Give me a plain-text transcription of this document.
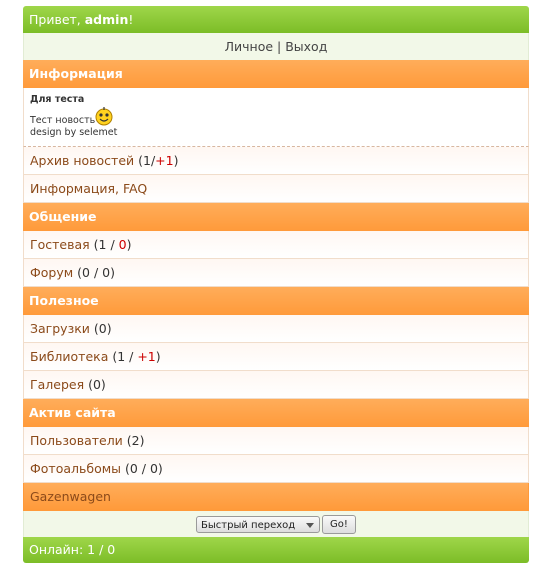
Привет, admin!
Личное | Выход
Информация
Для теста
Тест новость
design by selemet
Архив новостей (1/+1)
Информация, FAQ
Общение
Гостевая (1 / 0)
Форум (0 / 0)
Полезное
Загрузки (0)
Библиотека (1 / +1)
Галерея (0)
Актив сайта
Пользователи (2)
Фотоальбомы (0 / 0)
Gazenwagen
Быстрый переход	Go!
Онлайн: 1 / 0
